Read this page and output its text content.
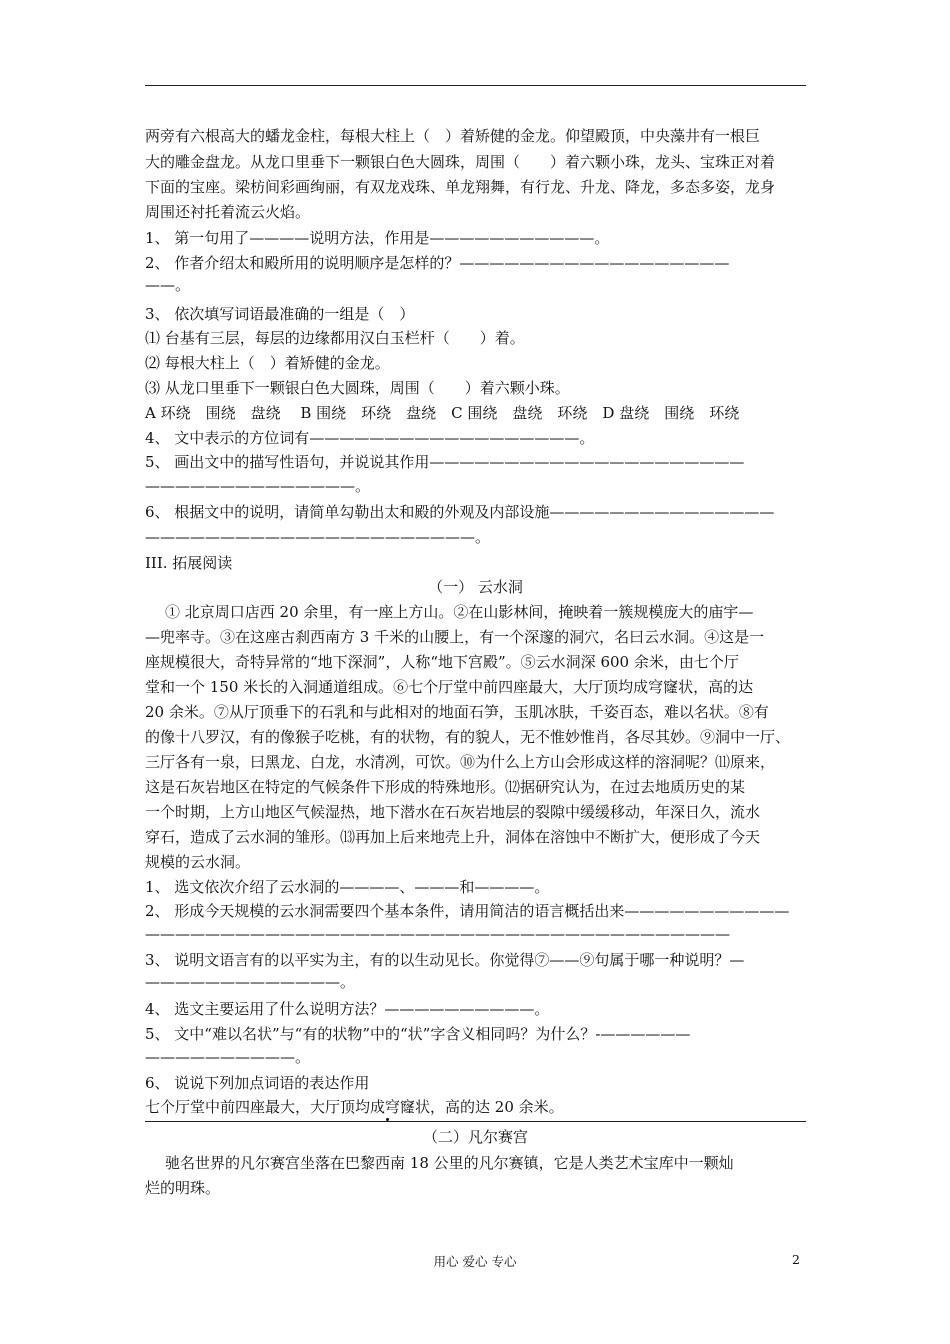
两旁有六根高大的蟠龙金柱，每根大柱上（　）着矫健的金龙。仰望殿顶，中央藻井有一根巨
大的雕金盘龙。从龙口里垂下一颗银白色大圆珠，周围（　　）着六颗小珠，龙头、宝珠正对着
下面的宝座。梁枋间彩画绚丽，有双龙戏珠、单龙翔舞，有行龙、升龙、降龙，多态多姿，龙身
周围还衬托着流云火焰。
1、 第一句用了————说明方法，作用是———————————。
2、 作者介绍太和殿所用的说明顺序是怎样的？——————————————————
——。
3、 依次填写词语最准确的一组是（　）
⑴ 台基有三层，每层的边缘都用汉白玉栏杆（　　）着。
⑵ 每根大柱上（　）着矫健的金龙。
⑶ 从龙口里垂下一颗银白色大圆珠，周围（　　）着六颗小珠。
A 环绕　围绕　盘绕　 B 围绕　环绕　盘绕　C 围绕　盘绕　环绕　D 盘绕　围绕　环绕
4、 文中表示的方位词有——————————————————。
5、 画出文中的描写性语句，并说说其作用—————————————————————
——————————————。
6、 根据文中的说明，请简单勾勒出太和殿的外观及内部设施———————————————
——————————————————————。
III. 拓展阅读
（一） 云水洞
① 北京周口店西 20 余里，有一座上方山。②在山影林间，掩映着一簇规模庞大的庙宇—
—兜率寺。③在这座古刹西南方 3 千米的山腰上，有一个深邃的洞穴，名曰云水洞。④这是一
座规模很大，奇特异常的“地下深洞”，人称“地下宫殿”。⑤云水洞深 600 余米，由七个厅
堂和一个 150 米长的入洞通道组成。⑥七个厅堂中前四座最大，大厅顶均成穹窿状，高的达
20 余米。⑦从厅顶垂下的石乳和与此相对的地面石笋，玉肌冰肤，千姿百态，难以名状。⑧有
的像十八罗汉，有的像猴子吃桃，有的状物，有的貌人，无不惟妙惟肖，各尽其妙。⑨洞中一厅、
三厅各有一泉，曰黑龙、白龙，水清冽，可饮。⑩为什么上方山会形成这样的溶洞呢？⑾原来，
这是石灰岩地区在特定的气候条件下形成的特殊地形。⑿据研究认为，在过去地质历史的某
一个时期，上方山地区气候湿热，地下潜水在石灰岩地层的裂隙中缓缓移动，年深日久，流水
穿石，造成了云水洞的雏形。⒀再加上后来地壳上升，洞体在溶蚀中不断扩大，便形成了今天
规模的云水洞。
1、 选文依次介绍了云水洞的————、———和————。
2、 形成今天规模的云水洞需要四个基本条件，请用简洁的语言概括出来———————————
———————————————————————————————————————
3、 说明文语言有的以平实为主，有的以生动见长。你觉得⑦——⑨句属于哪一种说明？—
—————————————。
4、 选文主要运用了什么说明方法？——————————。
5、 文中“难以名状”与“有的状物”中的“状”字含义相同吗？为什么？-——————
——————————。
6、 说说下列加点词语的表达作用
七个厅堂中前四座最大，大厅顶均成穹窿状，高的达 20 余米。
（二）凡尔赛宫
驰名世界的凡尔赛宫坐落在巴黎西南 18 公里的凡尔赛镇，它是人类艺术宝库中一颗灿
烂的明珠。
用心 爱心 专心	2
